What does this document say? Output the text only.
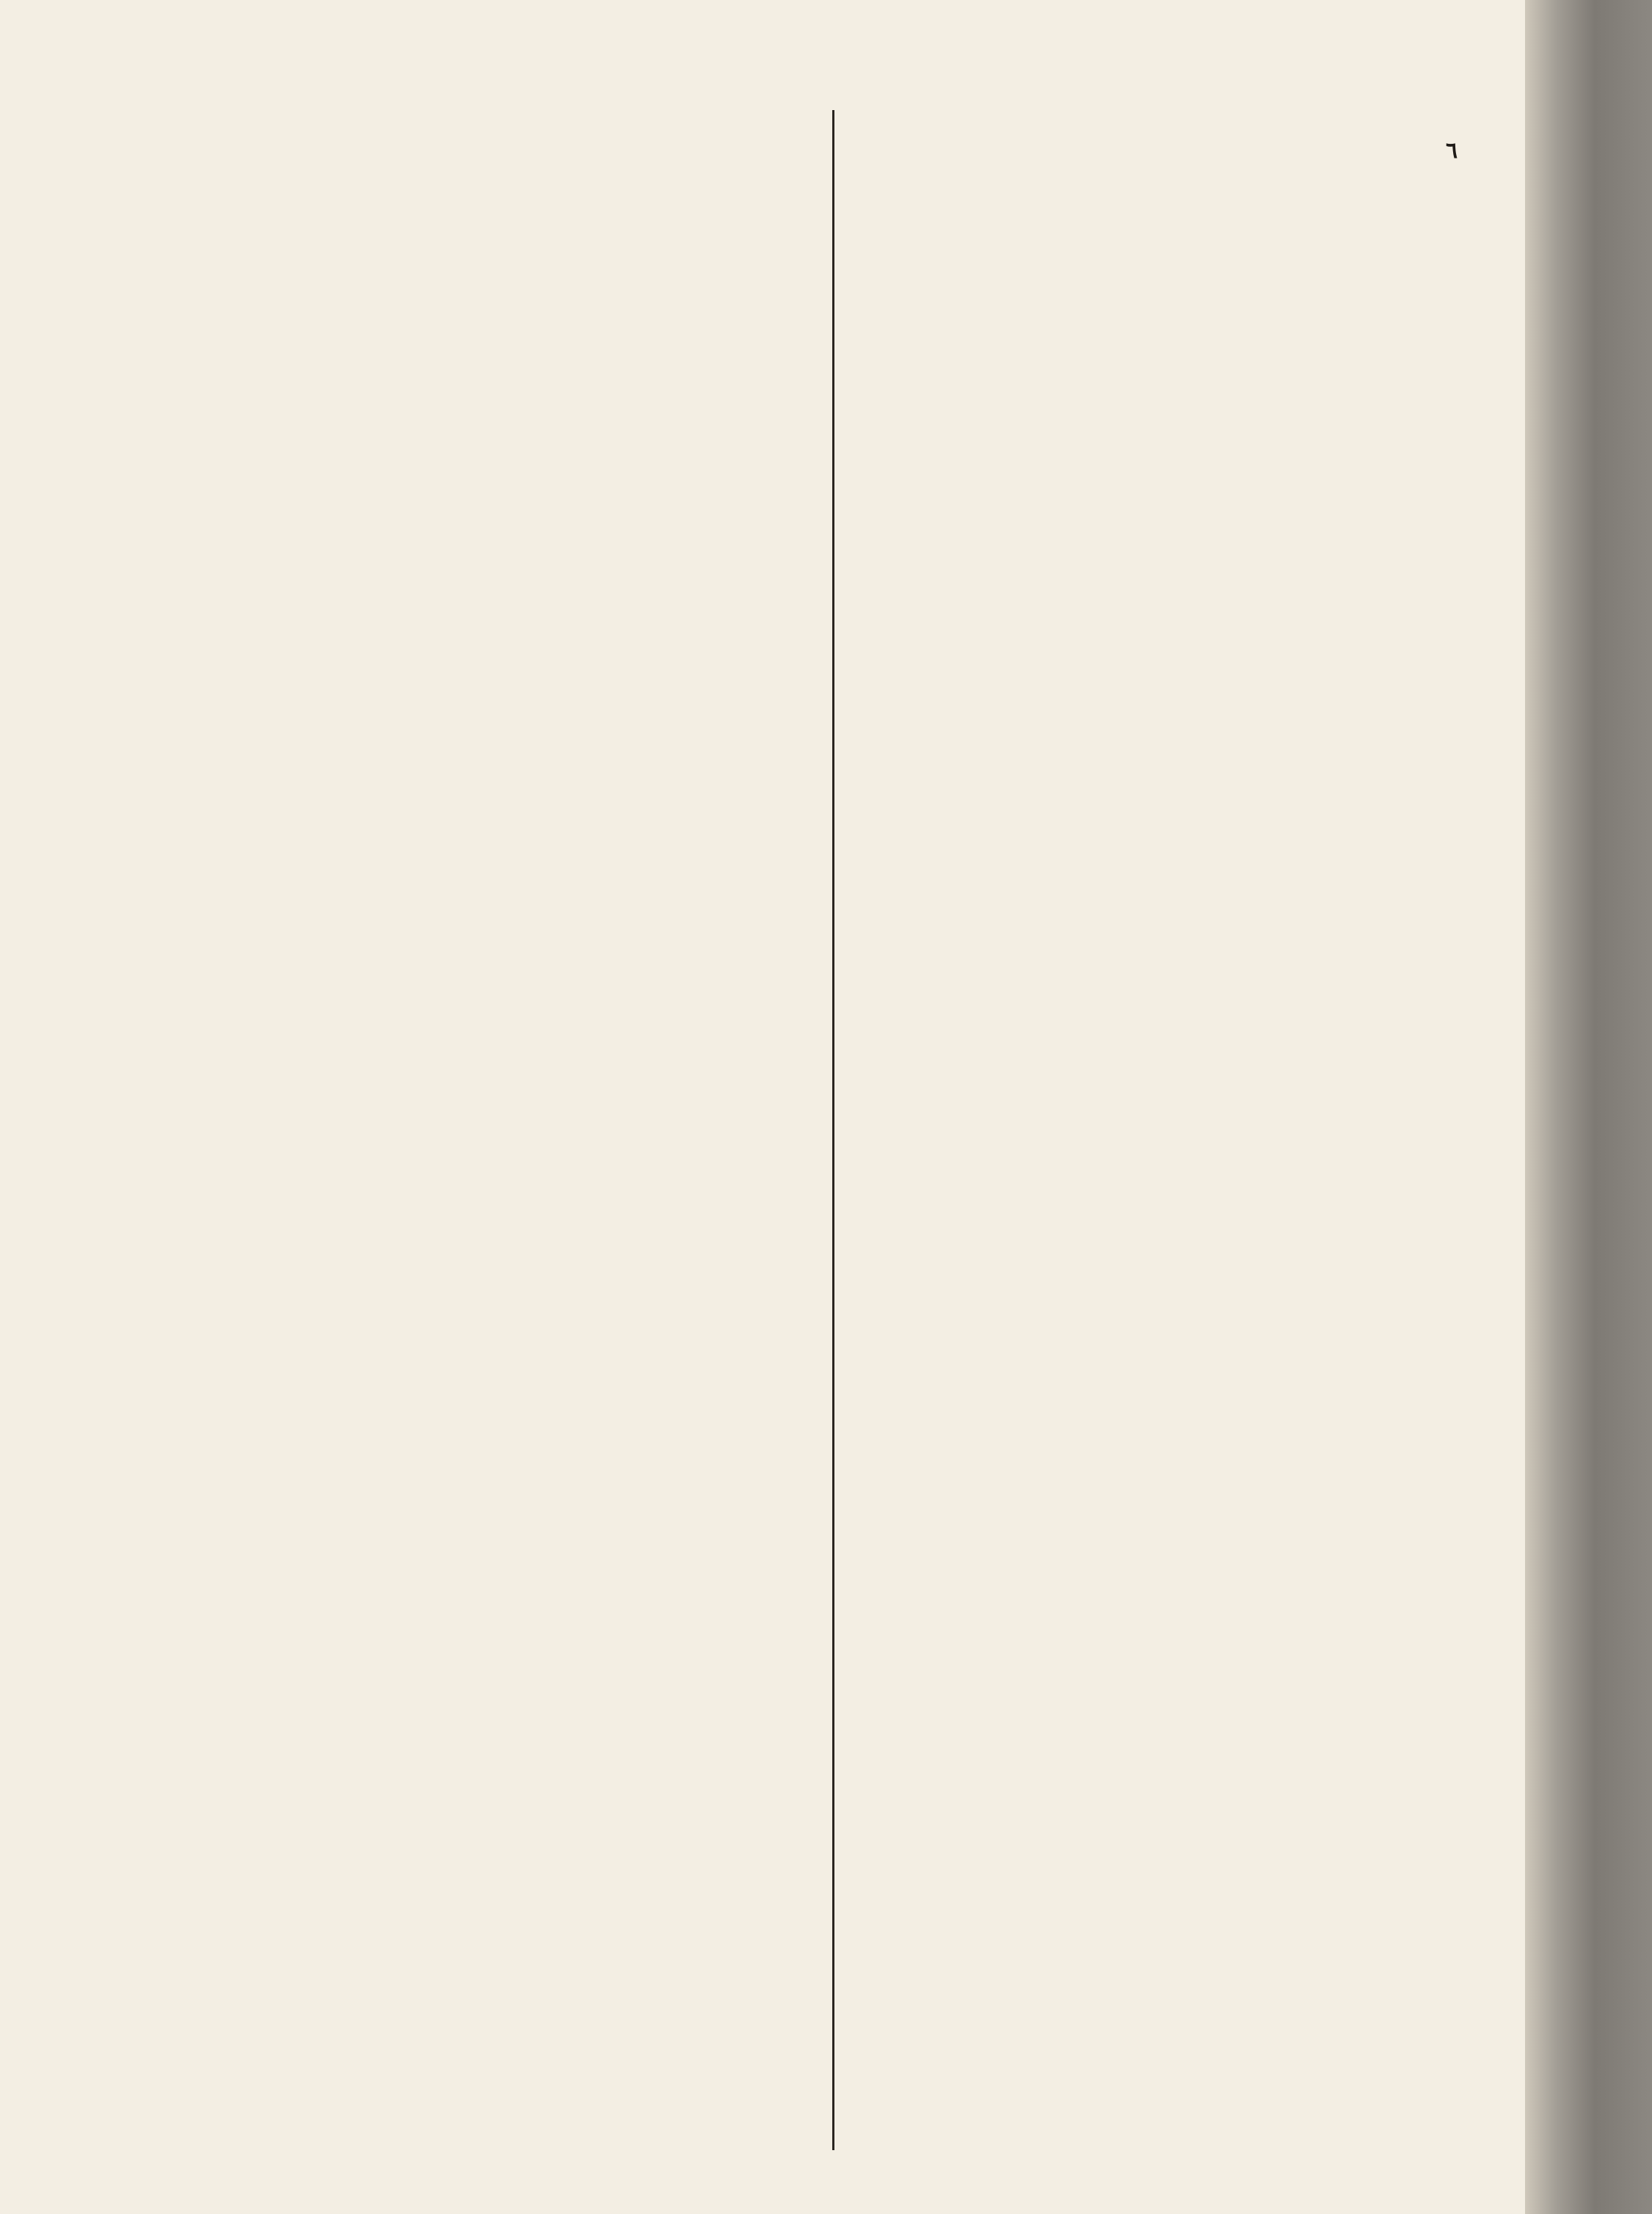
٦
